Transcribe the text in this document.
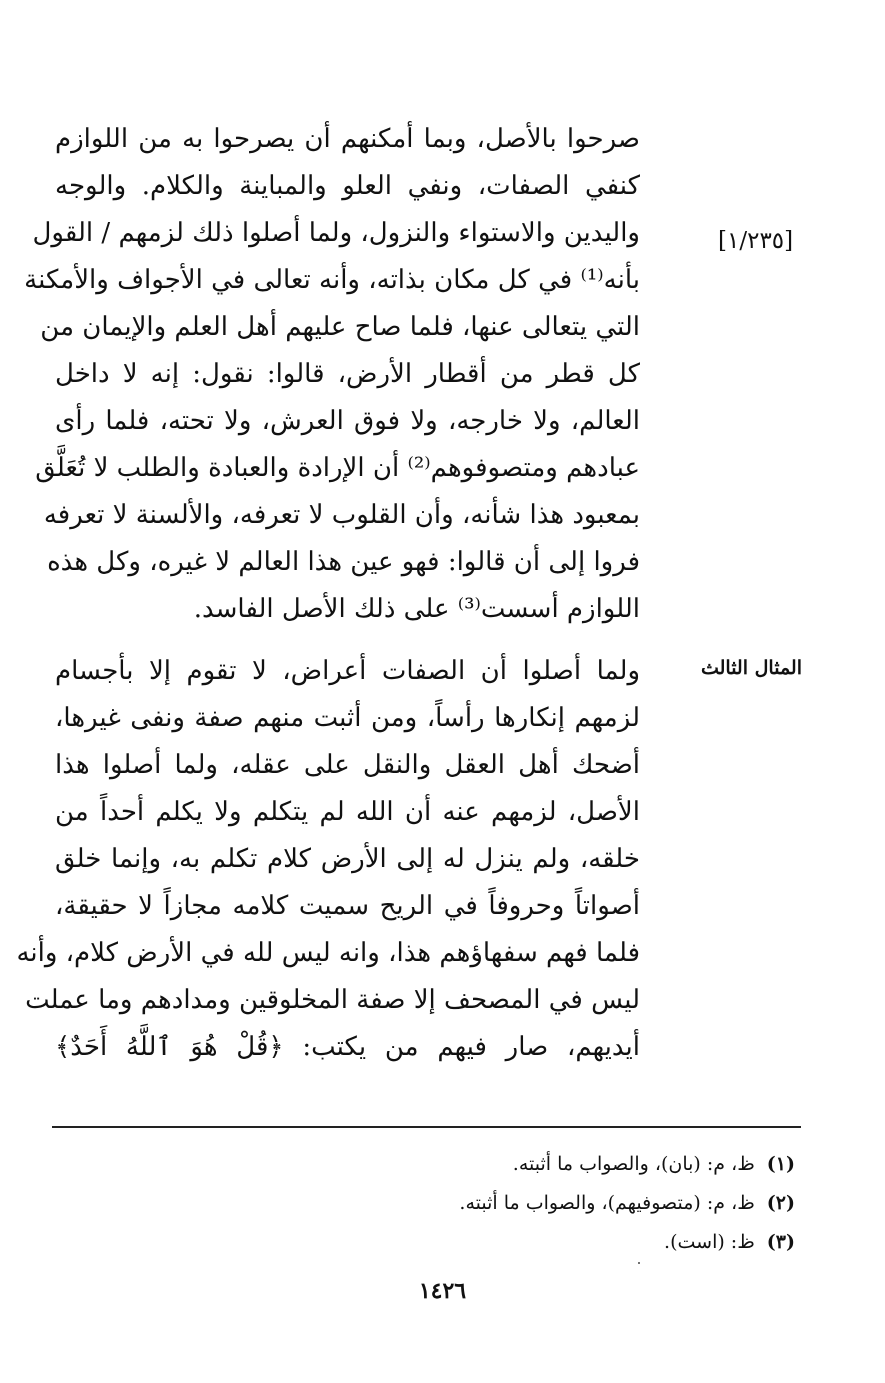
[١/٢٣٥]
المثال الثالث
صرحوا بالأصل، وبما أمكنهم أن يصرحوا به من اللوازم
كنفي الصفات، ونفي العلو والمباينة والكلام. والوجه
واليدين والاستواء والنزول، ولما أصلوا ذلك لزمهم / القول
بأنه⁽¹⁾ في كل مكان بذاته، وأنه تعالى في الأجواف والأمكنة
التي يتعالى عنها، فلما صاح عليهم أهل العلم والإيمان من
كل قطر من أقطار الأرض، قالوا: نقول: إنه لا داخل
العالم، ولا خارجه، ولا فوق العرش، ولا تحته، فلما رأى
عبادهم ومتصوفوهم⁽²⁾ أن الإرادة والعبادة والطلب لا تُعَلَّق
بمعبود هذا شأنه، وأن القلوب لا تعرفه، والألسنة لا تعرفه
فروا إلى أن قالوا: فهو عين هذا العالم لا غيره، وكل هذه
اللوازم أسست⁽³⁾ على ذلك الأصل الفاسد.
ولما أصلوا أن الصفات أعراض، لا تقوم إلا بأجسام
لزمهم إنكارها رأساً، ومن أثبت منهم صفة ونفى غيرها،
أضحك أهل العقل والنقل على عقله، ولما أصلوا هذا
الأصل، لزمهم عنه أن الله لم يتكلم ولا يكلم أحداً من
خلقه، ولم ينزل له إلى الأرض كلام تكلم به، وإنما خلق
أصواتاً وحروفاً في الريح سميت كلامه مجازاً لا حقيقة،
فلما فهم سفهاؤهم هذا، وانه ليس لله في الأرض كلام، وأنه
ليس في المصحف إلا صفة المخلوقين ومدادهم وما عملت
أيديهم، صار فيهم من يكتب: ﴿قُلْ هُوَ ٱللَّهُ أَحَدٌ﴾
(١)ظ، م: (بان)، والصواب ما أثبته.
(٢)ظ، م: (متصوفيهم)، والصواب ما أثبته.
(٣)ظ: (است).
١٤٢٦
